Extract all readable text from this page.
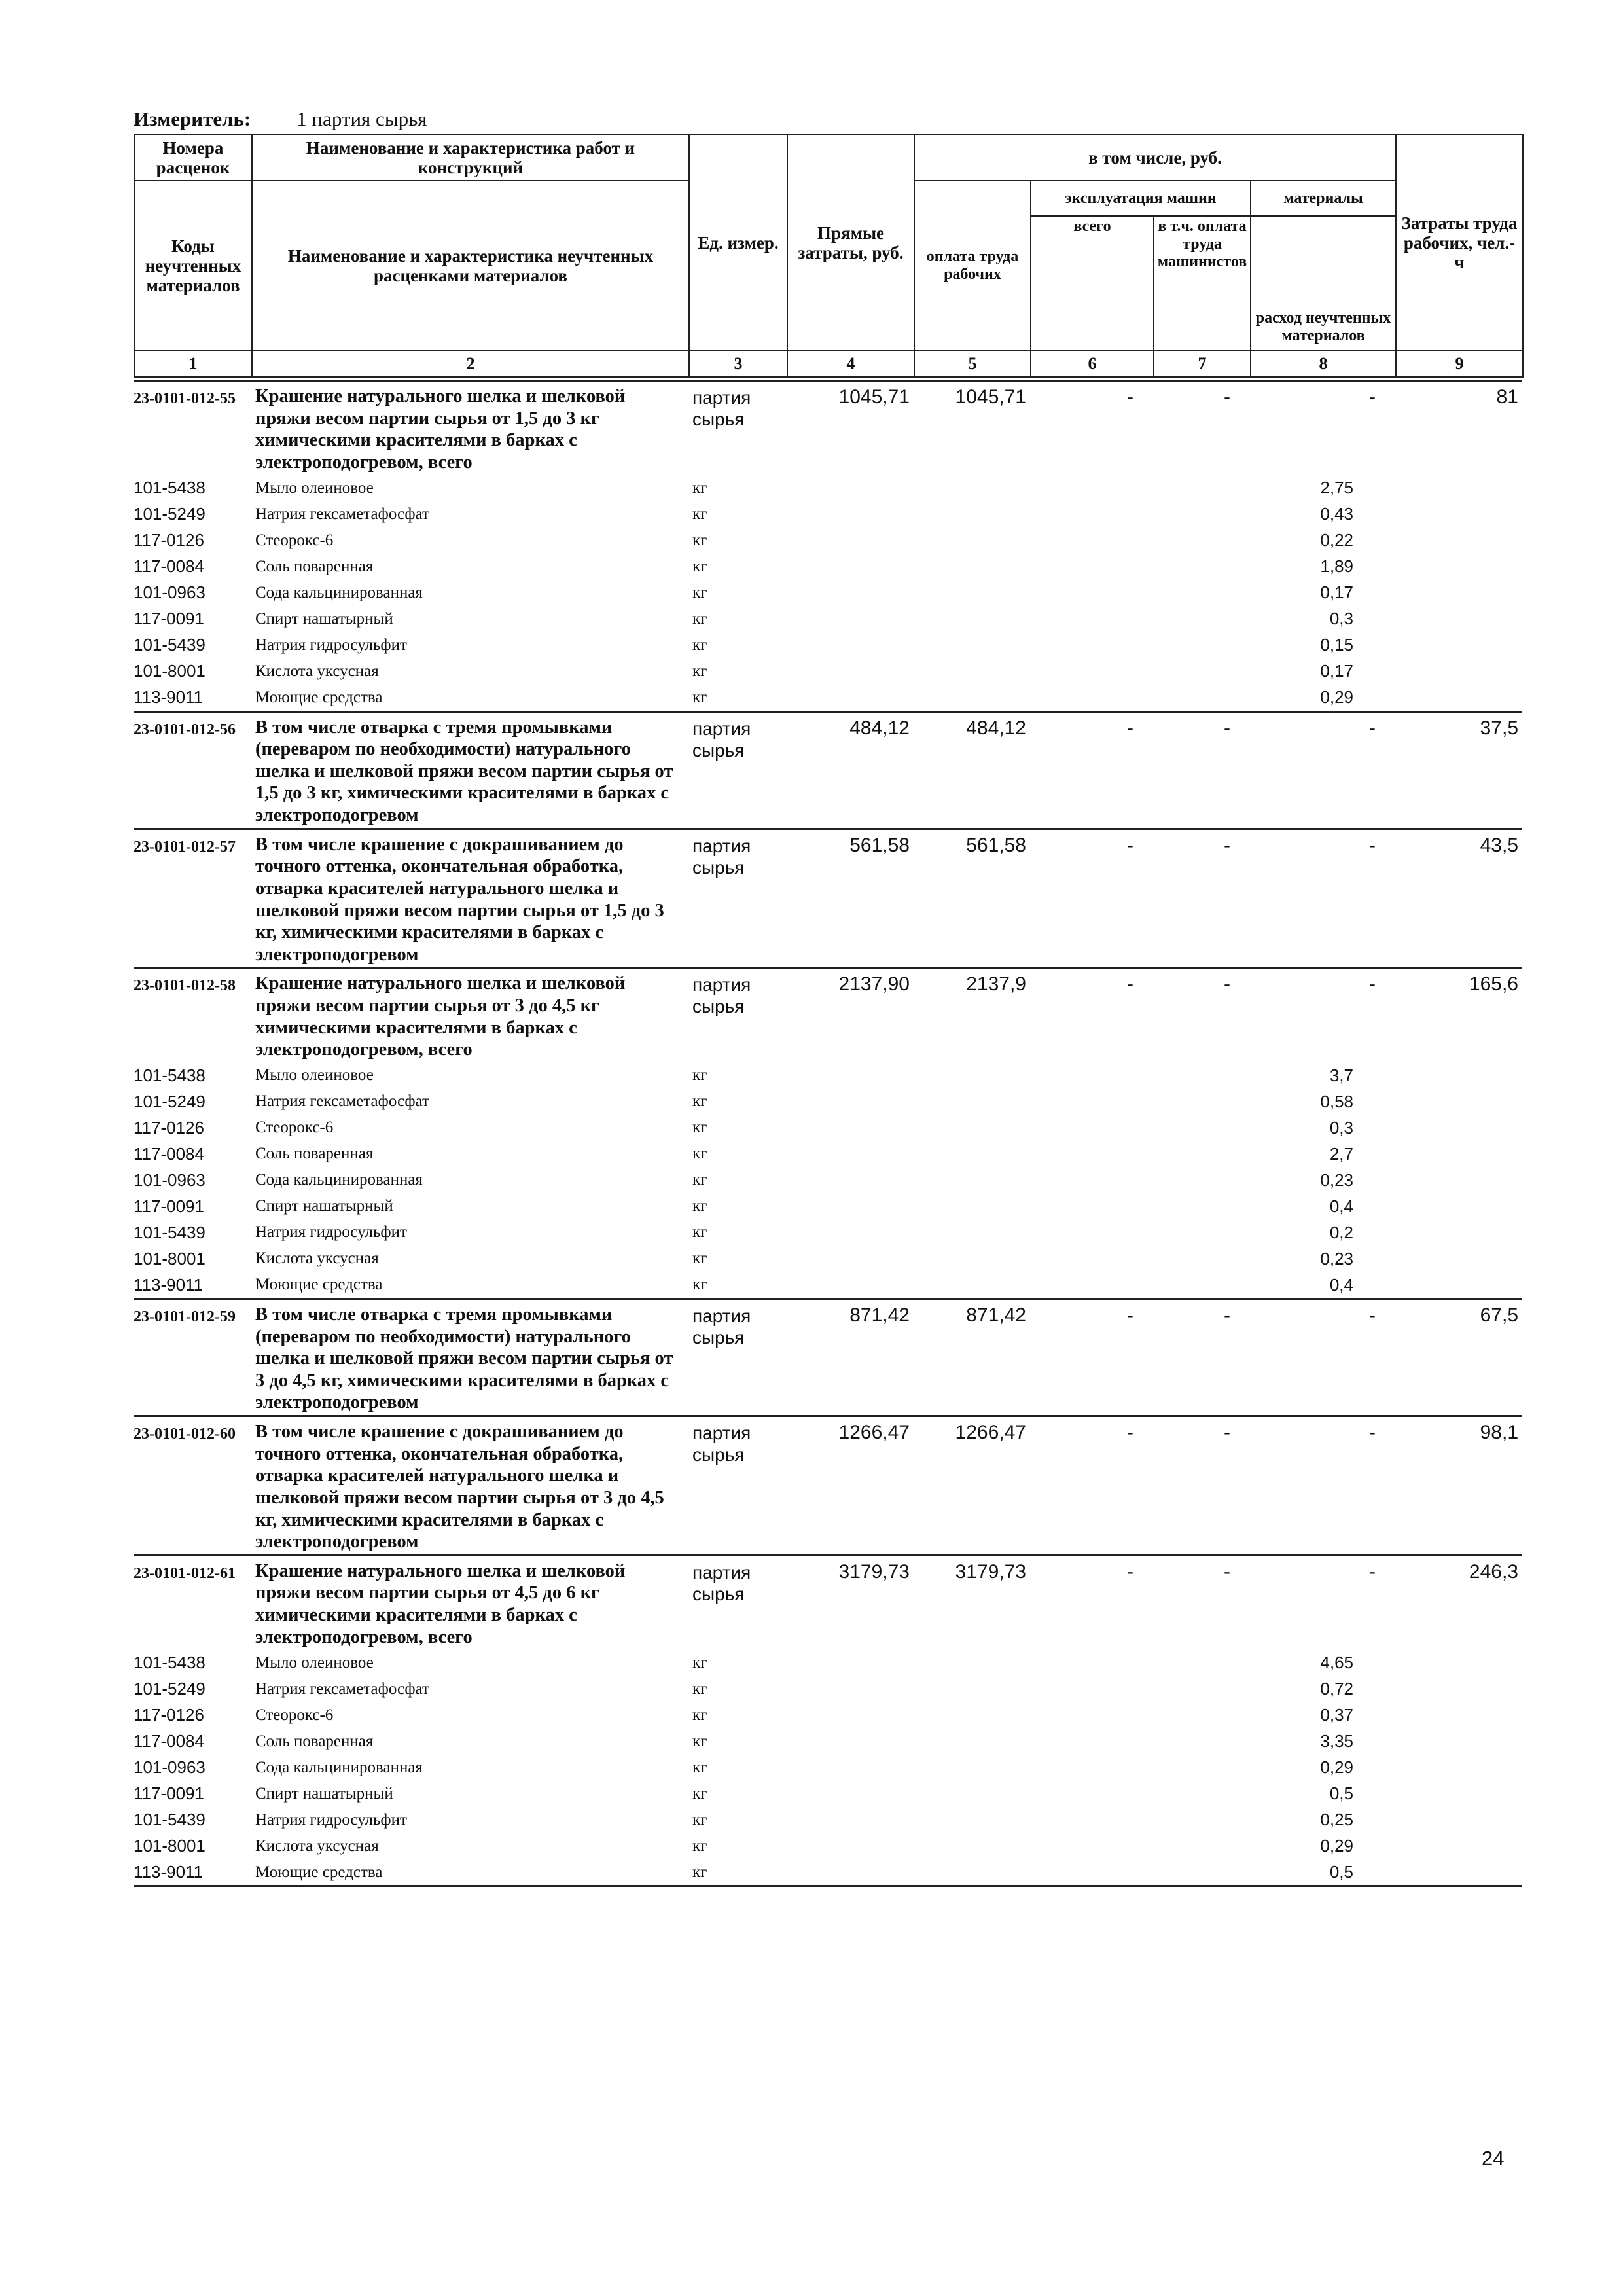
Измеритель: 1 партия сырья
Номера расценок	Наименование и характеристика работ и конструкций	Ед. измер.	Прямые затраты, руб.	в том числе, руб.				Затраты труда рабочих, чел.-ч
Коды неучтенных материалов	Наименование и характеристика неучтенных расценками материалов			оплата труда рабочих	эксплуатация машин		материалы	
					всего	в т.ч. оплата труда машинистов	расход неучтенных материалов	
1	2	3	4	5	6	7	8	9
23-0101-012-55	Крашение натурального шелка и шелковой пряжи весом партии сырья от 1,5 до 3 кг химическими красителями в барках с электроподогревом, всего	партия сырья	1045,71	1045,71	-	-	-	81
101-5438	Мыло олеиновое	кг					2,75	
101-5249	Натрия гексаметафосфат	кг					0,43	
117-0126	Стеорокс-6	кг					0,22	
117-0084	Соль поваренная	кг					1,89	
101-0963	Сода кальцинированная	кг					0,17	
117-0091	Спирт нашатырный	кг					0,3	
101-5439	Натрия гидросульфит	кг					0,15	
101-8001	Кислота уксусная	кг					0,17	
113-9011	Моющие средства	кг					0,29	
23-0101-012-56	В том числе отварка с тремя промывками (переваром по необходимости) натурального шелка и шелковой пряжи весом партии сырья от 1,5 до 3 кг, химическими красителями в барках с электроподогревом	партия сырья	484,12	484,12	-	-	-	37,5
23-0101-012-57	В том числе крашение с докрашиванием до точного оттенка, окончательная обработка, отварка красителей натурального шелка и шелковой пряжи весом партии сырья от 1,5 до 3 кг, химическими красителями в барках с электроподогревом	партия сырья	561,58	561,58	-	-	-	43,5
23-0101-012-58	Крашение натурального шелка и шелковой пряжи весом партии сырья от 3 до 4,5 кг химическими красителями в барках с электроподогревом, всего	партия сырья	2137,90	2137,9	-	-	-	165,6
101-5438	Мыло олеиновое	кг					3,7	
101-5249	Натрия гексаметафосфат	кг					0,58	
117-0126	Стеорокс-6	кг					0,3	
117-0084	Соль поваренная	кг					2,7	
101-0963	Сода кальцинированная	кг					0,23	
117-0091	Спирт нашатырный	кг					0,4	
101-5439	Натрия гидросульфит	кг					0,2	
101-8001	Кислота уксусная	кг					0,23	
113-9011	Моющие средства	кг					0,4	
23-0101-012-59	В том числе отварка с тремя промывками (переваром по необходимости) натурального шелка и шелковой пряжи весом партии сырья от 3 до 4,5 кг, химическими красителями в барках с электроподогревом	партия сырья	871,42	871,42	-	-	-	67,5
23-0101-012-60	В том числе крашение с докрашиванием до точного оттенка, окончательная обработка, отварка красителей натурального шелка и шелковой пряжи весом партии сырья от 3 до 4,5 кг, химическими красителями в барках с электроподогревом	партия сырья	1266,47	1266,47	-	-	-	98,1
23-0101-012-61	Крашение натурального шелка и шелковой пряжи весом партии сырья от 4,5 до 6 кг химическими красителями в барках с электроподогревом, всего	партия сырья	3179,73	3179,73	-	-	-	246,3
101-5438	Мыло олеиновое	кг					4,65	
101-5249	Натрия гексаметафосфат	кг					0,72	
117-0126	Стеорокс-6	кг					0,37	
117-0084	Соль поваренная	кг					3,35	
101-0963	Сода кальцинированная	кг					0,29	
117-0091	Спирт нашатырный	кг					0,5	
101-5439	Натрия гидросульфит	кг					0,25	
101-8001	Кислота уксусная	кг					0,29	
113-9011	Моющие средства	кг					0,5	
24
